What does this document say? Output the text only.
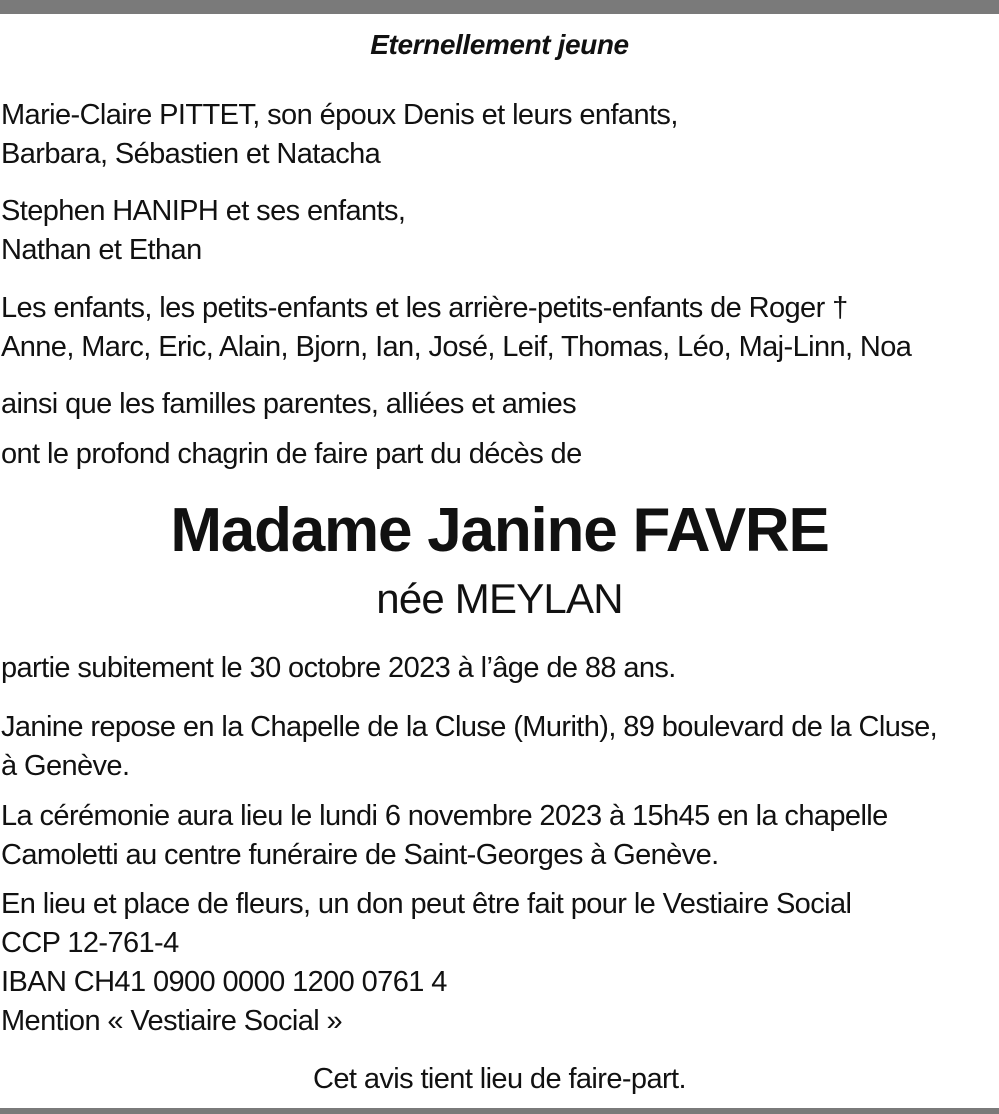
Eternellement jeune
Marie-Claire PITTET, son époux Denis et leurs enfants,
Barbara, Sébastien et Natacha
Stephen HANIPH et ses enfants,
Nathan et Ethan
Les enfants, les petits-enfants et les arrière-petits-enfants de Roger †
Anne, Marc, Eric, Alain, Bjorn, Ian, José, Leif, Thomas, Léo, Maj-Linn, Noa
ainsi que les familles parentes, alliées et amies
ont le profond chagrin de faire part du décès de
Madame Janine FAVRE
née MEYLAN
partie subitement le 30 octobre 2023 à l’âge de 88 ans.
Janine repose en la Chapelle de la Cluse (Murith), 89 boulevard de la Cluse,
à Genève.
La cérémonie aura lieu le lundi 6 novembre 2023 à 15h45 en la chapelle
Camoletti au centre funéraire de Saint-Georges à Genève.
En lieu et place de fleurs, un don peut être fait pour le Vestiaire Social
CCP 12-761-4
IBAN CH41 0900 0000 1200 0761 4
Mention « Vestiaire Social »
Cet avis tient lieu de faire-part.
